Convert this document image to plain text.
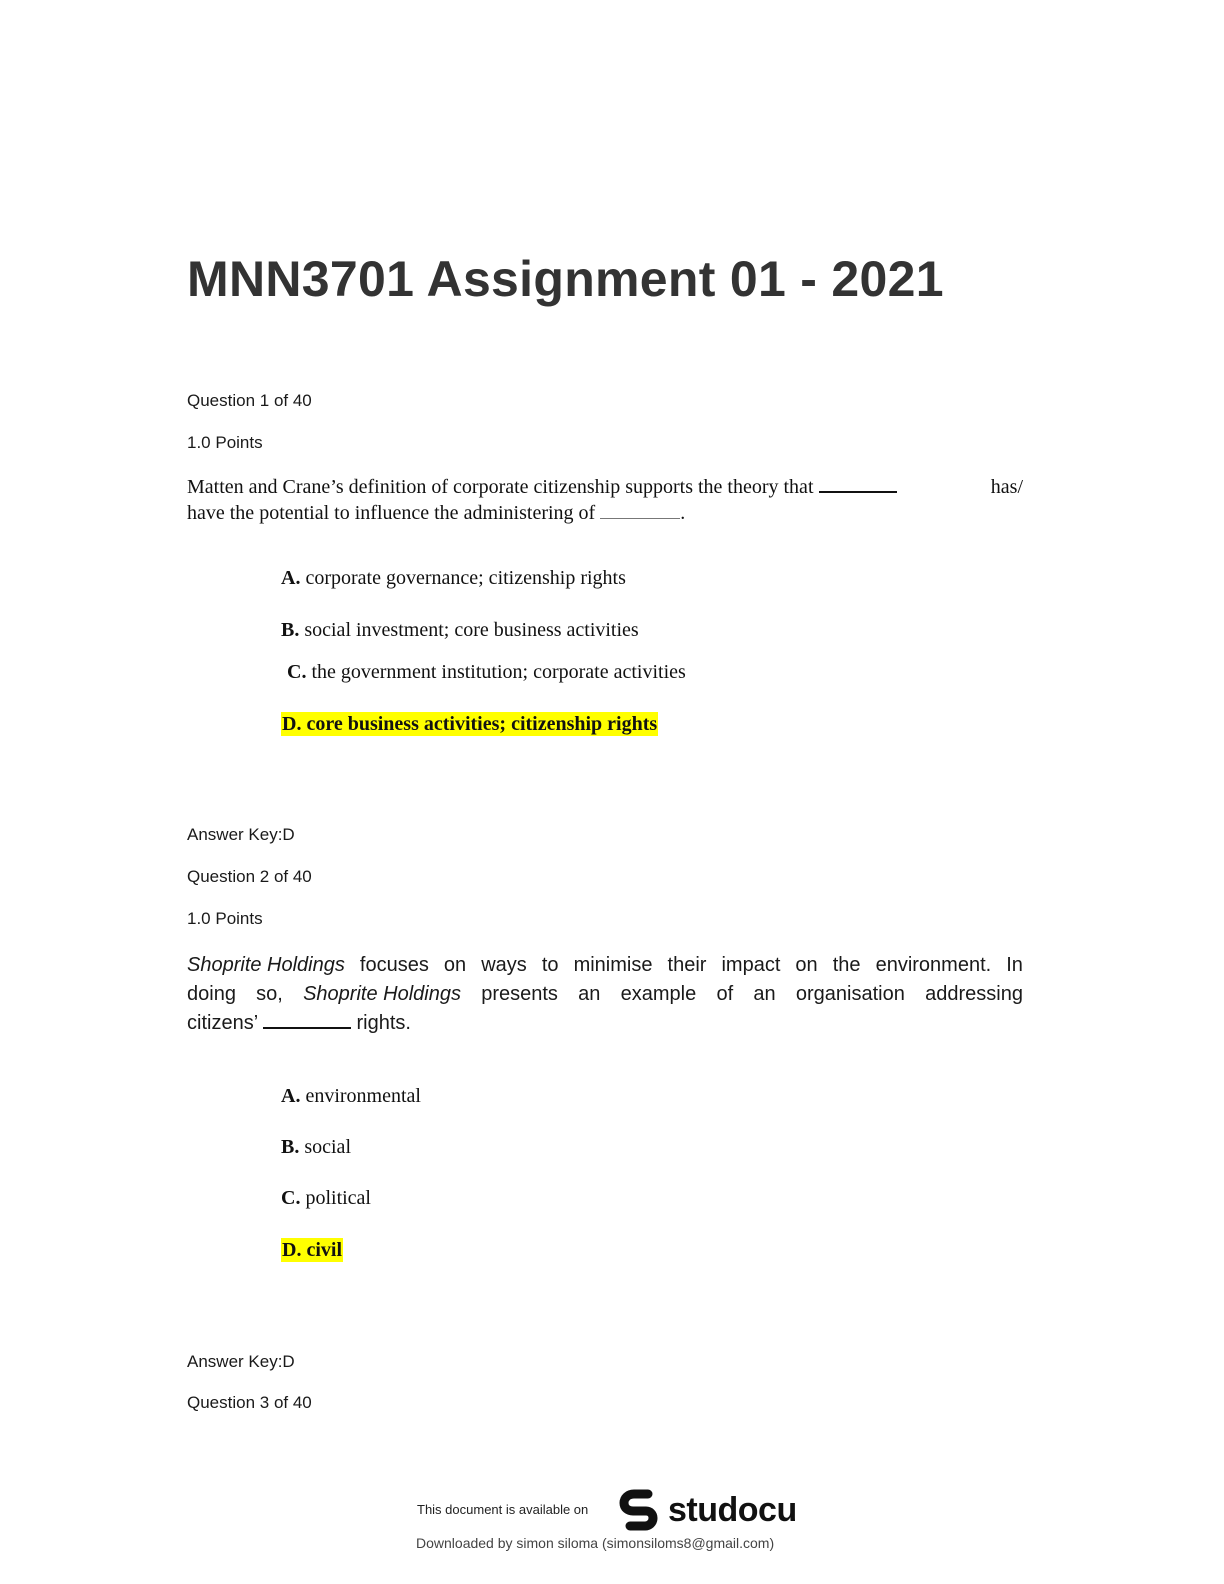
MNN3701 Assignment 01 - 2021
Question 1 of 40
1.0 Points
Matten and Crane’s definition of corporate citizenship supports the theory that	has/
have the potential to influence the administering of	.
A. corporate governance; citizenship rights
B. social investment; core business activities
C. the government institution; corporate activities
D. core business activities; citizenship rights
Answer Key:D
Question 2 of 40
1.0 Points
Shoprite Holdings focuses on ways to minimise their impact on the environment. In
doing so, Shoprite Holdings presents an example of an organisation addressing
citizens’	rights.
A. environmental
B. social
C. political
D. civil
Answer Key:D
Question 3 of 40
This document is available on studocu
Downloaded by simon siloma (simonsiloms8@gmail.com)
